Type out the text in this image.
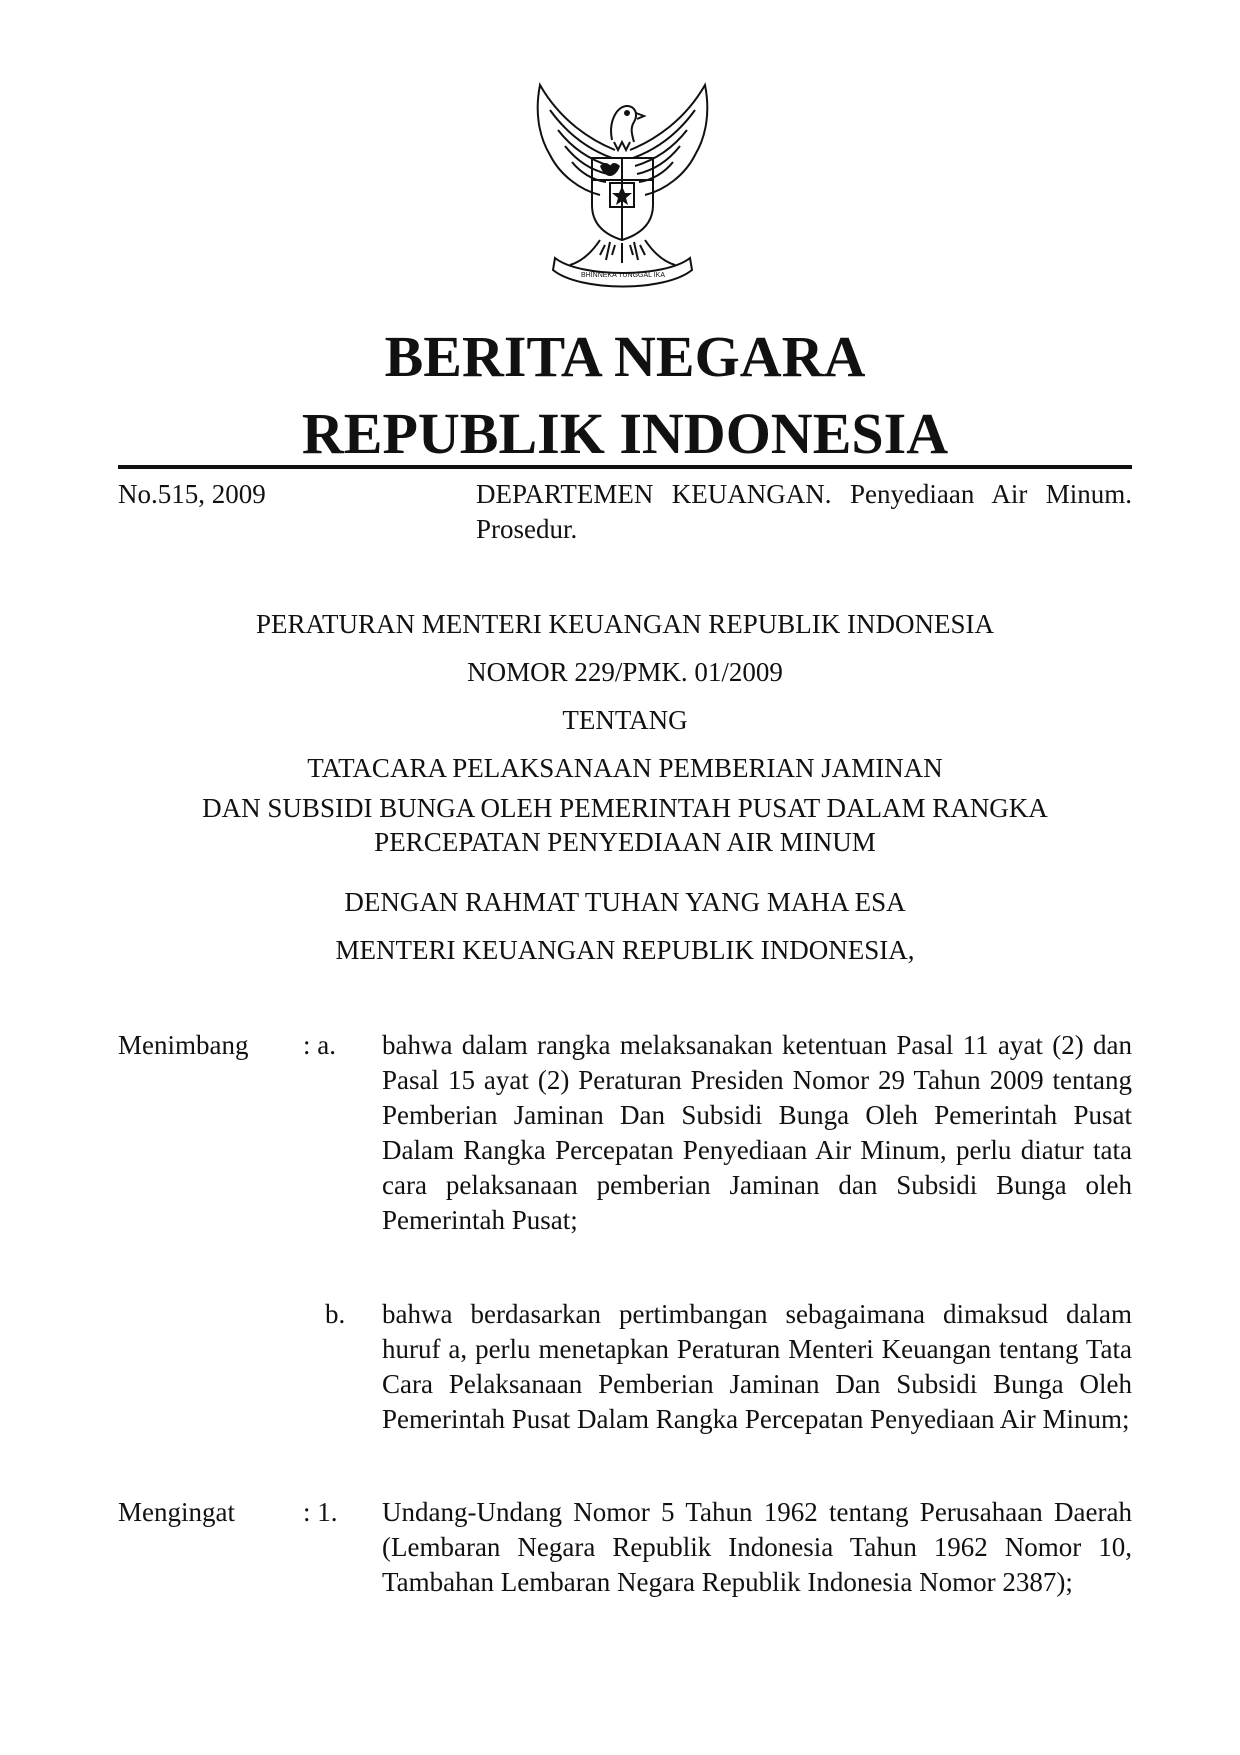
BHINNEKA TUNGGAL IKA
BERITA NEGARA
REPUBLIK INDONESIA
No.515, 2009	DEPARTEMEN KEUANGAN. Penyediaan Air Minum. Prosedur.
PERATURAN MENTERI KEUANGAN REPUBLIK INDONESIA
NOMOR 229/PMK. 01/2009
TENTANG
TATACARA PELAKSANAAN PEMBERIAN JAMINAN
DAN SUBSIDI BUNGA OLEH PEMERINTAH PUSAT DALAM RANGKA
PERCEPATAN PENYEDIAAN AIR MINUM
DENGAN RAHMAT TUHAN YANG MAHA ESA
MENTERI KEUANGAN REPUBLIK INDONESIA,
Menimbang : a. bahwa dalam rangka melaksanakan ketentuan Pasal 11 ayat (2) dan Pasal 15 ayat (2) Peraturan Presiden Nomor 29 Tahun 2009 tentang Pemberian Jaminan Dan Subsidi Bunga Oleh Pemerintah Pusat Dalam Rangka Percepatan Penyediaan Air Minum, perlu diatur tata cara pelaksanaan pemberian Jaminan dan Subsidi Bunga oleh Pemerintah Pusat;
b. bahwa berdasarkan pertimbangan sebagaimana dimaksud dalam huruf a, perlu menetapkan Peraturan Menteri Keuangan tentang Tata Cara Pelaksanaan Pemberian Jaminan Dan Subsidi Bunga Oleh Pemerintah Pusat Dalam Rangka Percepatan Penyediaan Air Minum;
Mengingat	: 1. Undang-Undang Nomor 5 Tahun 1962 tentang Perusahaan Daerah (Lembaran Negara Republik Indonesia Tahun 1962 Nomor 10, Tambahan Lembaran Negara Republik Indonesia Nomor 2387);
